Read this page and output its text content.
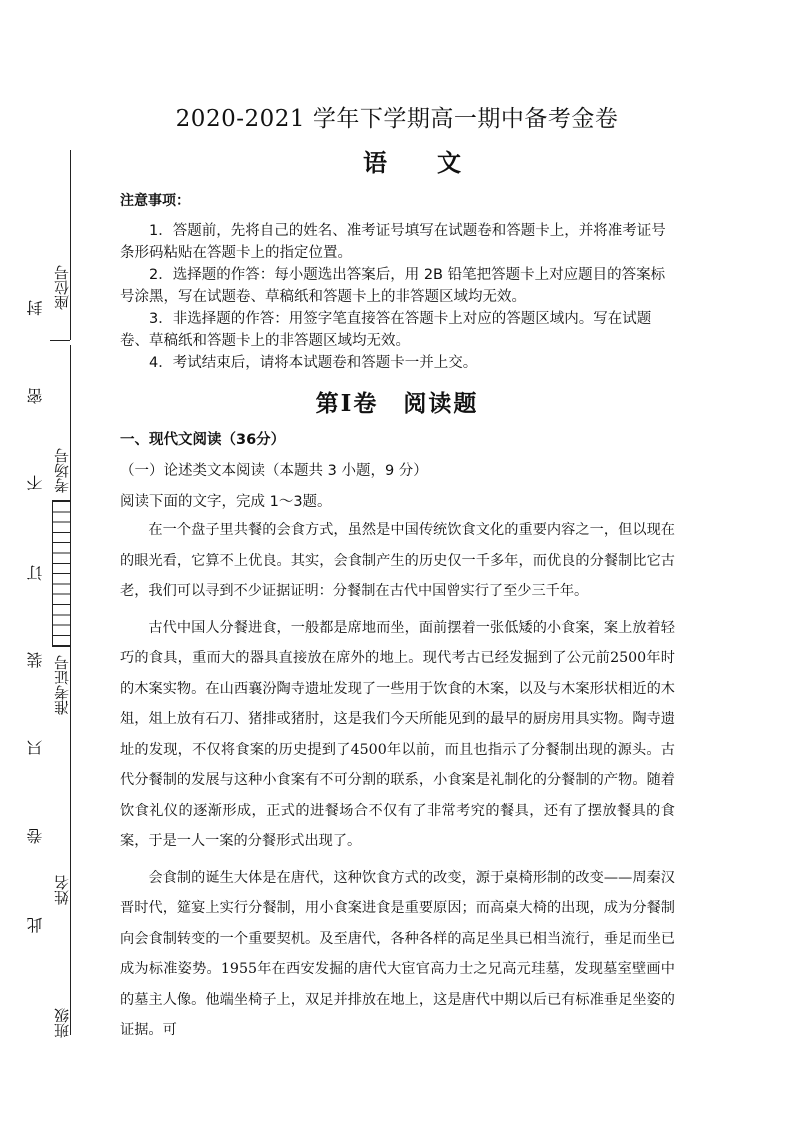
座位号
考场号
准考证号
姓名
班级
封
密
不
订
装
只
卷
此
2020-2021 学年下学期高一期中备考金卷
语文
注意事项：

1．答题前，先将自己的姓名、准考证号填写在试题卷和答题卡上，并将准考证号条形码粘贴在答题卡上的指定位置。

2．选择题的作答：每小题选出答案后，用 2B 铅笔把答题卡上对应题目的答案标号涂黑，写在试题卷、草稿纸和答题卡上的非答题区域均无效。

3．非选择题的作答：用签字笔直接答在答题卡上对应的答题区域内。写在试题卷、草稿纸和答题卡上的非答题区域均无效。

4．考试结束后，请将本试题卷和答题卡一并上交。

第Ⅰ卷　阅读题
一、现代文阅读（36分）
（一）论述类文本阅读（本题共 3 小题，9 分）
阅读下面的文字，完成 1～3题。

在一个盘子里共餐的会食方式，虽然是中国传统饮食文化的重要内容之一，但以现在的眼光看，它算不上优良。其实，会食制产生的历史仅一千多年，而优良的分餐制比它古老，我们可以寻到不少证据证明：分餐制在古代中国曾实行了至少三千年。

古代中国人分餐进食，一般都是席地而坐，面前摆着一张低矮的小食案，案上放着轻巧的食具，重而大的器具直接放在席外的地上。现代考古已经发掘到了公元前2500年时的木案实物。在山西襄汾陶寺遗址发现了一些用于饮食的木案，以及与木案形状相近的木俎，俎上放有石刀、猪排或猪肘，这是我们今天所能见到的最早的厨房用具实物。陶寺遗址的发现，不仅将食案的历史提到了4500年以前，而且也指示了分餐制出现的源头。古代分餐制的发展与这种小食案有不可分割的联系，小食案是礼制化的分餐制的产物。随着饮食礼仪的逐渐形成，正式的进餐场合不仅有了非常考究的餐具，还有了摆放餐具的食案，于是一人一案的分餐形式出现了。

会食制的诞生大体是在唐代，这种饮食方式的改变，源于桌椅形制的改变——周秦汉晋时代，筵宴上实行分餐制，用小食案进食是重要原因；而高桌大椅的出现，成为分餐制向会食制转变的一个重要契机。及至唐代，各种各样的高足坐具已相当流行，垂足而坐已成为标准姿势。1955年在西安发掘的唐代大宦官高力士之兄高元珪墓，发现墓室壁画中的墓主人像。他端坐椅子上，双足并排放在地上，这是唐代中期以后已有标准垂足坐姿的证据。可
